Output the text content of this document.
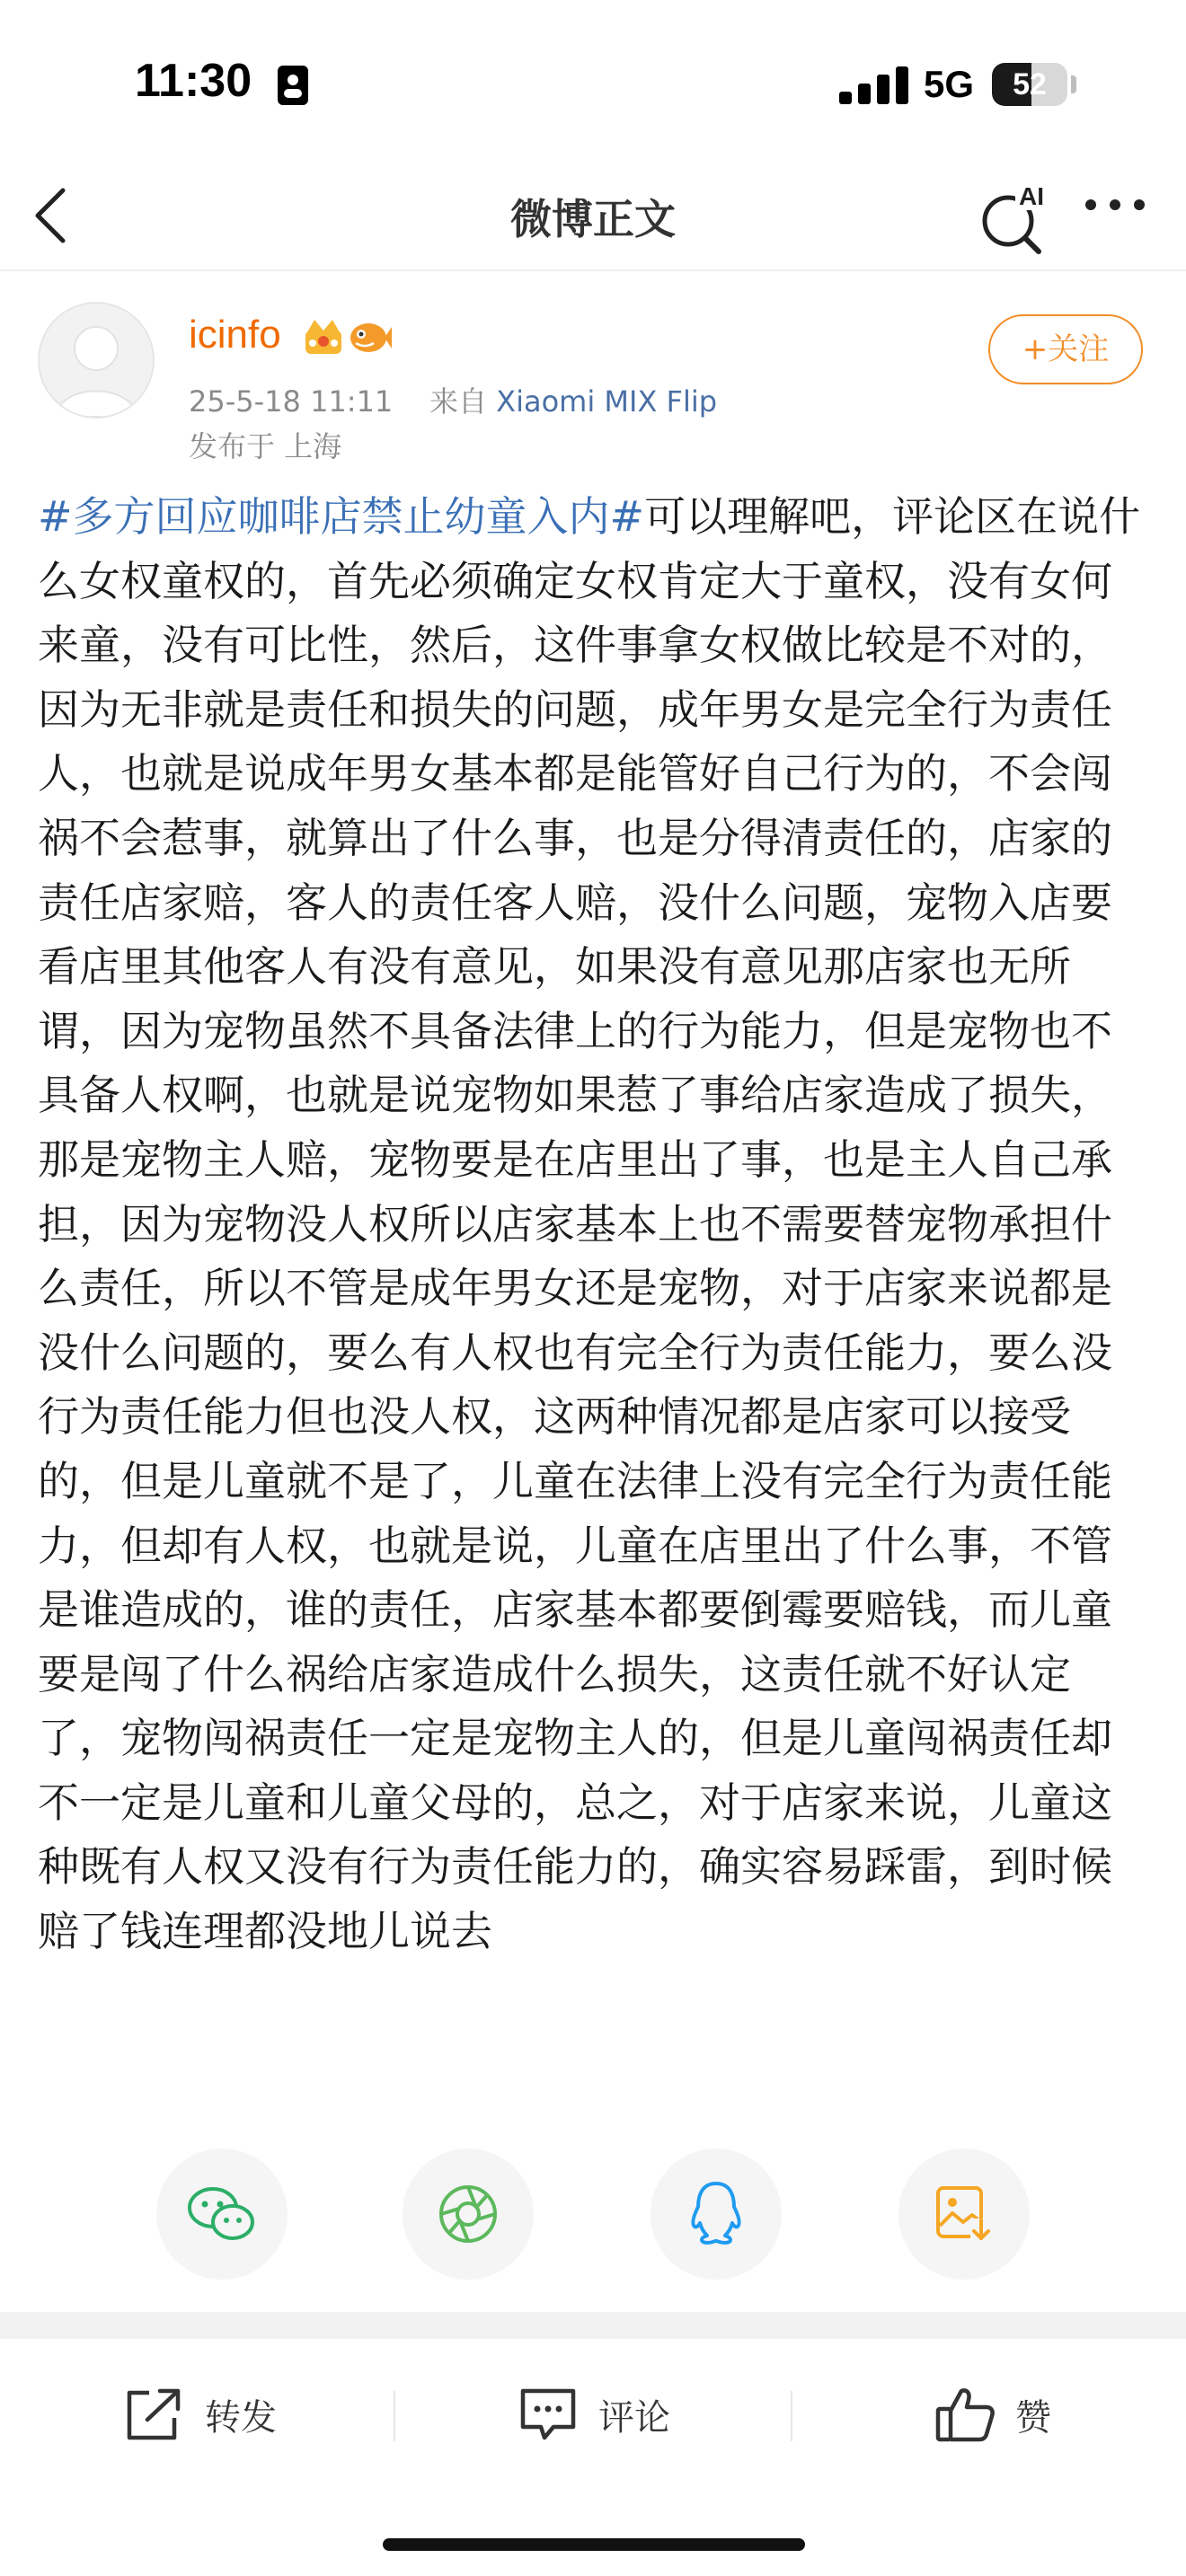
11:30	5G	52
微博正文	AI
icinfo
25-5-18 11:11 来自 Xiaomi MIX Flip
发布于 上海
+关注
#多方回应咖啡店禁止幼童入内#可以理解吧，评论区在说什么女权童权的，首先必须确定女权肯定大于童权，没有女何来童，没有可比性，然后，这件事拿女权做比较是不对的，因为无非就是责任和损失的问题，成年男女是完全行为责任人，也就是说成年男女基本都是能管好自己行为的，不会闯祸不会惹事，就算出了什么事，也是分得清责任的，店家的责任店家赔，客人的责任客人赔，没什么问题，宠物入店要看店里其他客人有没有意见，如果没有意见那店家也无所谓，因为宠物虽然不具备法律上的行为能力，但是宠物也不具备人权啊，也就是说宠物如果惹了事给店家造成了损失，那是宠物主人赔，宠物要是在店里出了事，也是主人自己承担，因为宠物没人权所以店家基本上也不需要替宠物承担什么责任，所以不管是成年男女还是宠物，对于店家来说都是没什么问题的，要么有人权也有完全行为责任能力，要么没行为责任能力但也没人权，这两种情况都是店家可以接受的，但是儿童就不是了，儿童在法律上没有完全行为责任能力，但却有人权，也就是说，儿童在店里出了什么事，不管是谁造成的，谁的责任，店家基本都要倒霉要赔钱，而儿童要是闯了什么祸给店家造成什么损失，这责任就不好认定了，宠物闯祸责任一定是宠物主人的，但是儿童闯祸责任却不一定是儿童和儿童父母的，总之，对于店家来说，儿童这种既有人权又没有行为责任能力的，确实容易踩雷，到时候赔了钱连理都没地儿说去
转发	评论	赞
